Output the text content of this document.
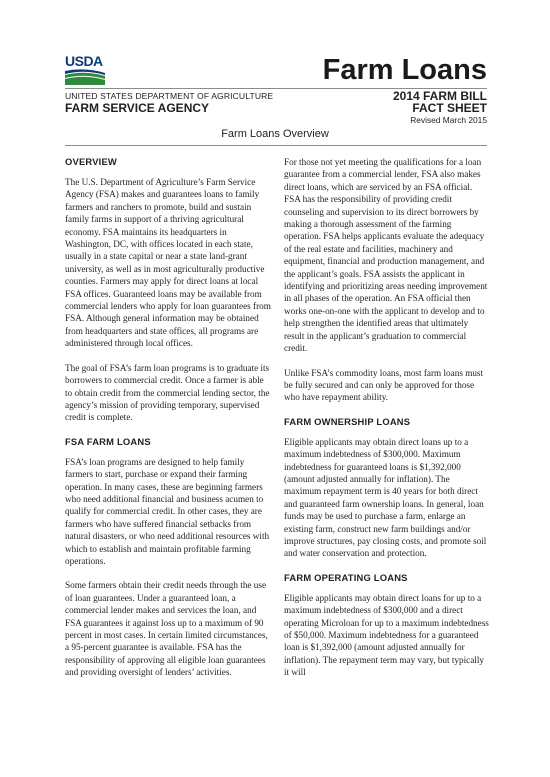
USDA	Farm Loans
UNITED STATES DEPARTMENT OF AGRICULTURE
FARM SERVICE AGENCY
2014 FARM BILL
FACT SHEET
Revised March 2015
Farm Loans Overview
OVERVIEW

The U.S. Department of Agriculture’s Farm Service Agency (FSA) makes and guarantees loans to family farmers and ranchers to promote, build and sustain family farms in support of a thriving agricultural economy. FSA maintains its headquarters in Washington, DC, with offices located in each state, usually in a state capital or near a state land-grant university, as well as in most agriculturally productive counties. Farmers may apply for direct loans at local FSA offices. Guaranteed loans may be available from commercial lenders who apply for loan guarantees from FSA. Although general information may be obtained from headquarters and state offices, all programs are administered through local offices.

The goal of FSA’s farm loan programs is to graduate its borrowers to commercial credit. Once a farmer is able to obtain credit from the commercial lending sector, the agency’s mission of providing temporary, supervised credit is complete.

FSA FARM LOANS

FSA’s loan programs are designed to help family farmers to start, purchase or expand their farming operation. In many cases, these are beginning farmers who need additional financial and business acumen to qualify for commercial credit. In other cases, they are farmers who have suffered financial setbacks from natural disasters, or who need additional resources with which to establish and maintain profitable farming operations.

Some farmers obtain their credit needs through the use of loan guarantees. Under a guaranteed loan, a commercial lender makes and services the loan, and FSA guarantees it against loss up to a maximum of 90 percent in most cases. In certain limited circumstances, a 95-percent guarantee is available. FSA has the responsibility of approving all eligible loan guarantees and providing oversight of lenders’ activities.

For those not yet meeting the qualifications for a loan guarantee from a commercial lender, FSA also makes direct loans, which are serviced by an FSA official. FSA has the responsibility of providing credit counseling and supervision to its direct borrowers by making a thorough assessment of the farming operation. FSA helps applicants evaluate the adequacy of the real estate and facilities, machinery and equipment, financial and production management, and the applicant’s goals. FSA assists the applicant in identifying and prioritizing areas needing improvement in all phases of the operation. An FSA official then works one-on-one with the applicant to develop and to help strengthen the identified areas that ultimately result in the applicant’s graduation to commercial credit.

Unlike FSA’s commodity loans, most farm loans must be fully secured and can only be approved for those who have repayment ability.

FARM OWNERSHIP LOANS

Eligible applicants may obtain direct loans up to a maximum indebtedness of $300,000. Maximum indebtedness for guaranteed loans is $1,392,000 (amount adjusted annually for inflation). The maximum repayment term is 40 years for both direct and guaranteed farm ownership loans. In general, loan funds may be used to purchase a farm, enlarge an existing farm, construct new farm buildings and/or improve structures, pay closing costs, and promote soil and water conservation and protection.

FARM OPERATING LOANS

Eligible applicants may obtain direct loans for up to a maximum indebtedness of $300,000 and a direct operating Microloan for up to a maximum indebtedness of $50,000. Maximum indebtedness for a guaranteed loan is $1,392,000 (amount adjusted annually for inflation). The repayment term may vary, but typically it will
